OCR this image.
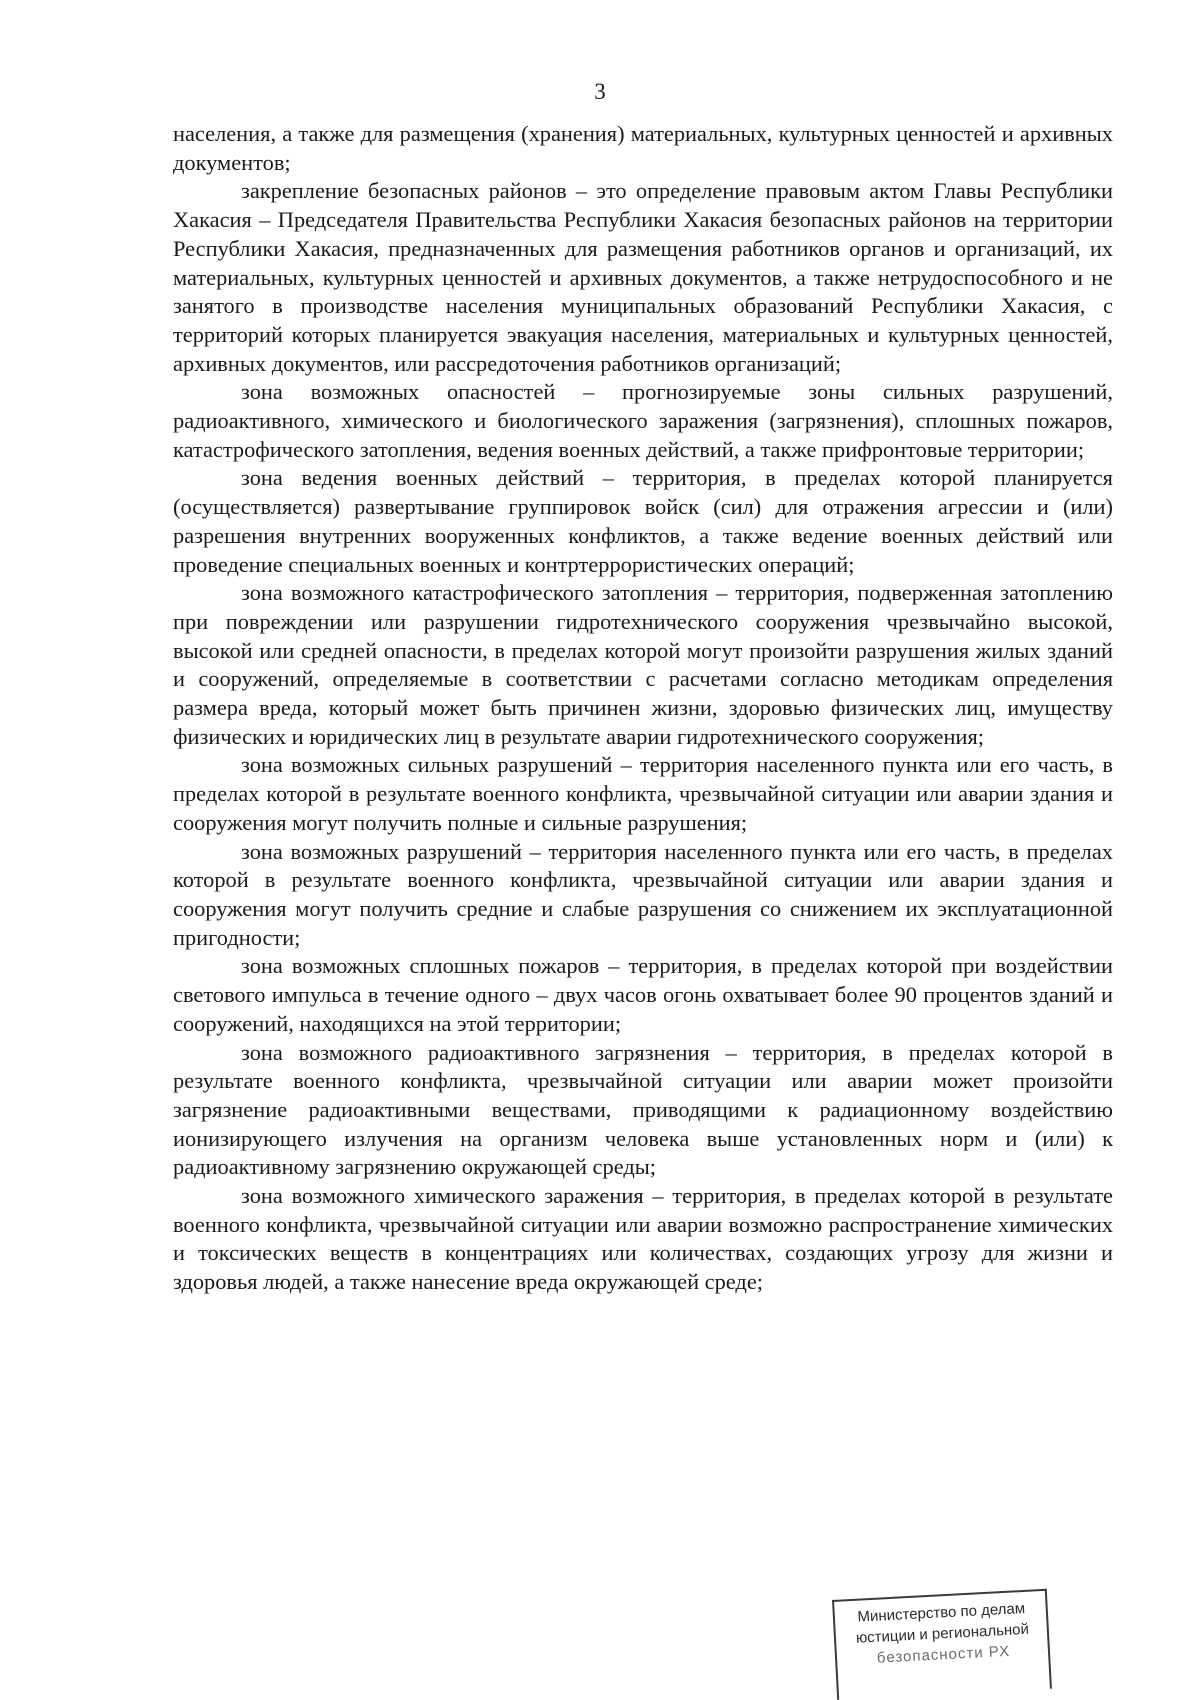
3

населения, а также для размещения (хранения) материальных, культурных ценностей и архивных документов;

закрепление безопасных районов – это определение правовым актом Главы Республики Хакасия – Председателя Правительства Республики Хакасия безопасных районов на территории Республики Хакасия, предназначенных для размещения работников органов и организаций, их материальных, культурных ценностей и архивных документов, а также нетрудоспособного и не занятого в производстве населения муниципальных образований Республики Хакасия, с территорий которых планируется эвакуация населения, материальных и культурных ценностей, архивных документов, или рассредоточения работников организаций;

зона возможных опасностей – прогнозируемые зоны сильных разрушений, радиоактивного, химического и биологического заражения (загрязнения), сплошных пожаров, катастрофического затопления, ведения военных действий, а также прифронтовые территории;

зона ведения военных действий – территория, в пределах которой планируется (осуществляется) развертывание группировок войск (сил) для отражения агрессии и (или) разрешения внутренних вооруженных конфликтов, а также ведение военных действий или проведение специальных военных и контртеррористических операций;

зона возможного катастрофического затопления – территория, подверженная затоплению при повреждении или разрушении гидротехнического сооружения чрезвычайно высокой, высокой или средней опасности, в пределах которой могут произойти разрушения жилых зданий и сооружений, определяемые в соответствии с расчетами согласно методикам определения размера вреда, который может быть причинен жизни, здоровью физических лиц, имуществу физических и юридических лиц в результате аварии гидротехнического сооружения;

зона возможных сильных разрушений – территория населенного пункта или его часть, в пределах которой в результате военного конфликта, чрезвычайной ситуации или аварии здания и сооружения могут получить полные и сильные разрушения;

зона возможных разрушений – территория населенного пункта или его часть, в пределах которой в результате военного конфликта, чрезвычайной ситуации или аварии здания и сооружения могут получить средние и слабые разрушения со снижением их эксплуатационной пригодности;

зона возможных сплошных пожаров – территория, в пределах которой при воздействии светового импульса в течение одного – двух часов огонь охватывает более 90 процентов зданий и сооружений, находящихся на этой территории;

зона возможного радиоактивного загрязнения – территория, в пределах которой в результате военного конфликта, чрезвычайной ситуации или аварии может произойти загрязнение радиоактивными веществами, приводящими к радиационному воздействию ионизирующего излучения на организм человека выше установленных норм и (или) к радиоактивному загрязнению окружающей среды;

зона возможного химического заражения – территория, в пределах которой в результате военного конфликта, чрезвычайной ситуации или аварии возможно распространение химических и токсических веществ в концентрациях или количествах, создающих угрозу для жизни и здоровья людей, а также нанесение вреда окружающей среде;

Министерство по делам
юстиции и региональной
безопасности РХ
